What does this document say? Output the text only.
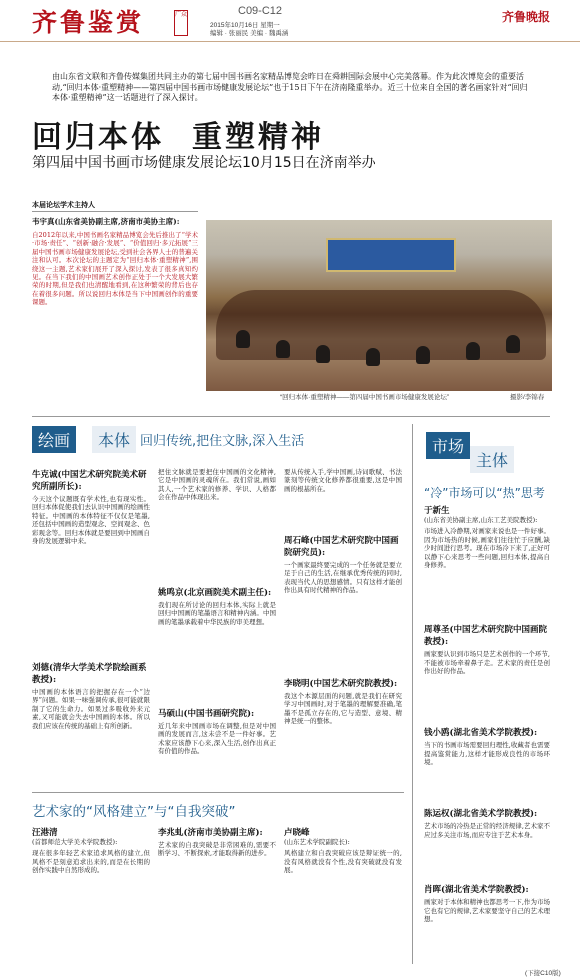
齐鲁鉴赏	广众	C09-C12
2015年10月16日 星期一
编辑 · 张丽民 美编 · 魏禹涵
齐鲁晚报
由山东省文联和齐鲁传媒集团共同主办的第七届中国书画名家精品博览会昨日在舜耕国际会展中心完美落幕。作为此次博览会的重要活动,“回归本体·重塑精神——第四届中国书画市场健康发展论坛”也于15日下午在济南隆重举办。近三十位来自全国的著名画家针对“回归本体·重塑精神”这一话题进行了深入探讨。
回归本体 重塑精神
第四届中国书画市场健康发展论坛10月15日在济南举办
本届论坛学术主持人
韦宇真(山东省美协副主席,济南市美协主席):
自2012年以来,中国书画名家精品博览会先后推出了“学术·市场·责任”、“创新·融合·发展”、“价值回归·多元拓展”三届中国书画市场健康发展论坛,受到社会各界人士的普遍关注和认可。本次论坛的主题定为“回归本体·重塑精神”,围绕这一主题,艺术家们展开了深入探讨,发表了很多真知灼见。在当下我们的中国画艺术创作正处于一个大发展大繁荣的时期,但是我们也清醒地看到,在这种繁荣的背后也存在着很多问题。所以说回归本体是当下中国画创作的重要课题。
“回归本体·重塑精神——第四届中国书画市场健康发展论坛”	摄影/李锦春
绘画	本体 回归传统,把住文脉,深入生活
牛克诚(中国艺术研究院美术研究所副所长):
今天这个议题既有学术性,也有现实性。回归本体促使我们去认识中国画的绘画性特征。中国画的本体特征不仅仅是笔墨,还包括中国画的造型观念、空间观念、色彩观念等。回归本体就是要回到中国画自身的发展逻辑中来。
刘德(清华大学美术学院绘画系教授):
中国画的本体语言的把握存在一个“边界”问题。如果一味强调传承,很可能就限制了它的生命力。如果过多吸收外来元素,又可能就会失去中国画的本体。所以我们应该在传统的基础上有所创新。
把住文脉就是要把住中国画的文化精神,它是中国画的灵魂所在。我们常说,画如其人,一个艺术家的修养、学识、人格都会在作品中体现出来。
姚鸣京(北京画院美术副主任):
我们现在所讨论的回归本体,实际上就是回归中国画的笔墨语言和精神内涵。中国画的笔墨承载着中华民族的审美理想。
马硕山(中国书画研究院):
近几年来中国画市场在调整,但是对中国画的发展而言,这未尝不是一件好事。艺术家应该静下心来,深入生活,创作出真正有价值的作品。
要从传统入手,学中国画,诗词歌赋、书法篆刻等传统文化修养都很重要,这是中国画的根基所在。
周石峰(中国艺术研究院中国画院研究员):
一个画家最终要完成的一个任务就是要立足于自己的生活,在继承优秀传统的同时,表现当代人的思想感情。只有这样才能创作出具有时代精神的作品。
李晓明(中国艺术研究院教授):
我这个本源层面的问题,就是我们在研究学习中国画时,对于笔墨的理解要准确,笔墨不是孤立存在的,它与造型、意境、精神是统一的整体。
市场
主体
“冷”市场可以“热”思考
于新生
(山东省美协副主席,山东工艺美院教授):
市场进入冷静期,对画家来说也是一件好事。因为市场热的时候,画家们往往忙于应酬,缺少时间进行思考。现在市场冷下来了,正好可以静下心来思考一些问题,回归本体,提高自身修养。
周尊圣(中国艺术研究院中国画院教授):
画家要认识到市场只是艺术创作的一个环节,不能被市场牵着鼻子走。艺术家的责任是创作出好的作品。
钱小鸥(湖北省美术学院教授):
当下的书画市场需要回归理性,收藏者也需要提高鉴赏能力,这样才能形成良性的市场环境。
陈运权(湖北省美术学院教授):
艺术市场的冷热是正常的经济规律,艺术家不应过多关注市场,而应专注于艺术本身。
肖晖(湖北省美术学院教授):
画家对于本体和精神也都思考一下,作为市场它也有它的规律,艺术家要坚守自己的艺术理想。
艺术家的“风格建立”与“自我突破”
汪港清
(首都师范大学美术学院教授):
现在很多年轻艺术家追求风格的建立,但风格不是刻意追求出来的,而是在长期的创作实践中自然形成的。
李兆虬(济南市美协副主席):
艺术家的自我突破是非常困难的,需要不断学习、不断探索,才能取得新的进步。
卢晓峰
(山东艺术学院副院长):
风格建立和自我突破应该是辩证统一的,没有风格就没有个性,没有突破就没有发展。
(下接C10版)
